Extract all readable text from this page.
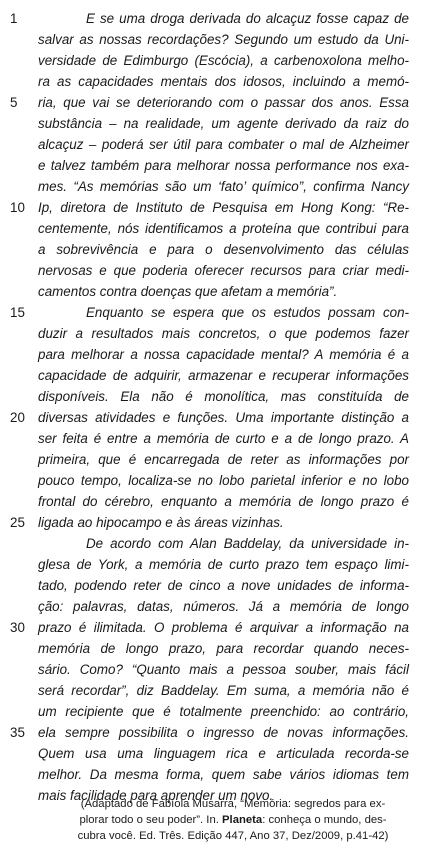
1
5
10
15
20
25
30
35
E se uma droga derivada do alcaçuz fosse capaz de
salvar as nossas recordações? Segundo um estudo da Uni-
versidade de Edimburgo (Escócia), a carbenoxolona melho-
ra as capacidades mentais dos idosos, incluindo a memó-
ria, que vai se deteriorando com o passar dos anos. Essa
substância – na realidade, um agente derivado da raiz do
alcaçuz – poderá ser útil para combater o mal de Alzheimer
e talvez também para melhorar nossa performance nos exa-
mes. “As memórias são um ‘fato’ químico”, confirma Nancy
Ip, diretora de Instituto de Pesquisa em Hong Kong: “Re-
centemente, nós identificamos a proteína que contribui para
a sobrevivência e para o desenvolvimento das células
nervosas e que poderia oferecer recursos para criar medi-
camentos contra doenças que afetam a memória”.
Enquanto se espera que os estudos possam con-
duzir a resultados mais concretos, o que podemos fazer
para melhorar a nossa capacidade mental? A memória é a
capacidade de adquirir, armazenar e recuperar informações
disponíveis. Ela não é monolítica, mas constituída de
diversas atividades e funções. Uma importante distinção a
ser feita é entre a memória de curto e a de longo prazo. A
primeira, que é encarregada de reter as informações por
pouco tempo, localiza-se no lobo parietal inferior e no lobo
frontal do cérebro, enquanto a memória de longo prazo é
ligada ao hipocampo e às áreas vizinhas.
De acordo com Alan Baddelay, da universidade in-
glesa de York, a memória de curto prazo tem espaço limi-
tado, podendo reter de cinco a nove unidades de informa-
ção: palavras, datas, números. Já a memória de longo
prazo é ilimitada. O problema é arquivar a informação na
memória de longo prazo, para recordar quando neces-
sário. Como? “Quanto mais a pessoa souber, mais fácil
será recordar”, diz Baddelay. Em suma, a memória não é
um recipiente que é totalmente preenchido: ao contrário,
ela sempre possibilita o ingresso de novas informações.
Quem usa uma linguagem rica e articulada recorda-se
melhor. Da mesma forma, quem sabe vários idiomas tem
mais facilidade para aprender um novo.
(Adaptado de Fabíola Musarra, “Memória: segredos para ex-
plorar todo o seu poder”. In. Planeta: conheça o mundo, des-
cubra você. Ed. Três. Edição 447, Ano 37, Dez/2009, p.41-42)
